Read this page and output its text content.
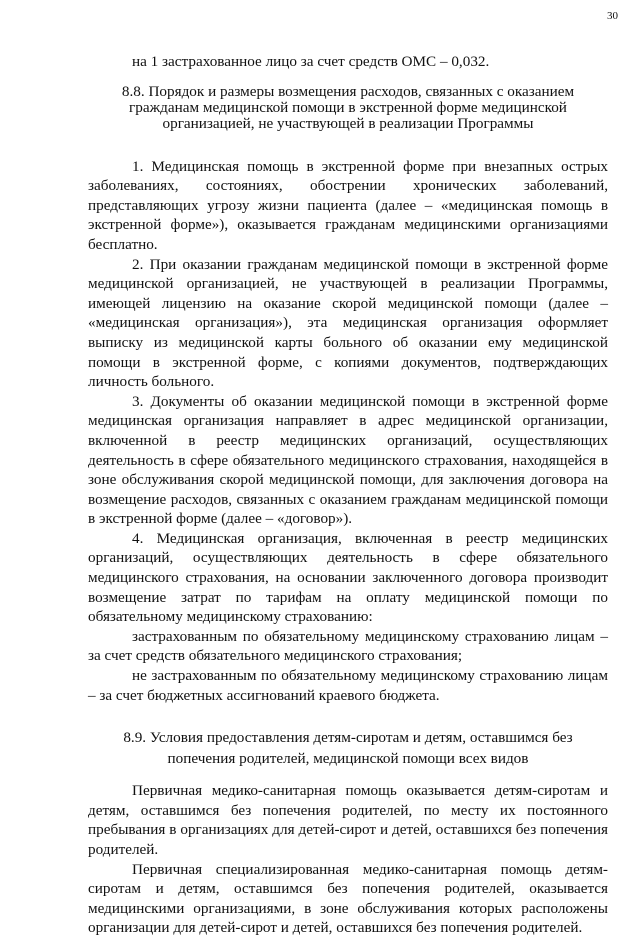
30

на 1 застрахованное лицо за счет средств ОМС – 0,032.

8.8. Порядок и размеры возмещения расходов, связанных с оказанием гражданам медицинской помощи в экстренной форме медицинской организацией, не участвующей в реализации Программы

1. Медицинская помощь в экстренной форме при внезапных острых заболеваниях, состояниях, обострении хронических заболеваний, представляющих угрозу жизни пациента (далее – «медицинская помощь в экстренной форме»), оказывается гражданам медицинскими организациями бесплатно.

2. При оказании гражданам медицинской помощи в экстренной форме медицинской организацией, не участвующей в реализации Программы, имеющей лицензию на оказание скорой медицинской помощи (далее – «медицинская организация»), эта медицинская организация оформляет выписку из медицинской карты больного об оказании ему медицинской помощи в экстренной форме, с копиями документов, подтверждающих личность больного.

3. Документы об оказании медицинской помощи в экстренной форме медицинская организация направляет в адрес медицинской организации, включенной в реестр медицинских организаций, осуществляющих деятельность в сфере обязательного медицинского страхования, находящейся в зоне обслуживания скорой медицинской помощи, для заключения договора на возмещение расходов, связанных с оказанием гражданам медицинской помощи в экстренной форме (далее – «договор»).

4. Медицинская организация, включенная в реестр медицинских организаций, осуществляющих деятельность в сфере обязательного медицинского страхования, на основании заключенного договора производит возмещение затрат по тарифам на оплату медицинской помощи по обязательному медицинскому страхованию:

застрахованным по обязательному медицинскому страхованию лицам – за счет средств обязательного медицинского страхования;

не застрахованным по обязательному медицинскому страхованию лицам – за счет бюджетных ассигнований краевого бюджета.

8.9. Условия предоставления детям-сиротам и детям, оставшимся без попечения родителей, медицинской помощи всех видов

Первичная медико-санитарная помощь оказывается детям-сиротам и детям, оставшимся без попечения родителей, по месту их постоянного пребывания в организациях для детей-сирот и детей, оставшихся без попечения родителей.

Первичная специализированная медико-санитарная помощь детям-сиротам и детям, оставшимся без попечения родителей, оказывается медицинскими организациями, в зоне обслуживания которых расположены организации для детей-сирот и детей, оставшихся без попечения родителей.
